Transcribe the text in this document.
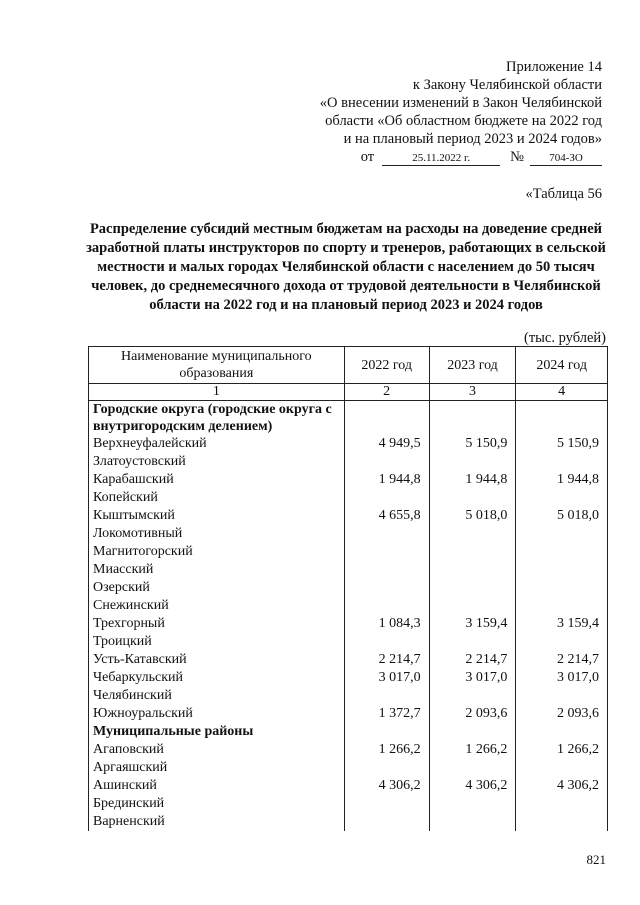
Приложение 14
к Закону Челябинской области
«О внесении изменений в Закон Челябинской
области «Об областном бюджете на 2022 год
и на плановый период 2023 и 2024 годов»
от	25.11.2022 г.	№ 704-ЗО
«Таблица 56
Распределение субсидий местным бюджетам на расходы на доведение средней заработной платы инструкторов по спорту и тренеров, работающих в сельской местности и малых городах Челябинской области с населением до 50 тысяч человек, до среднемесячного дохода от трудовой деятельности в Челябинской области на 2022 год и на плановый период 2023 и 2024 годов
(тыс. рублей)
Наименование муниципального образования	2022 год	2023 год	2024 год
1	2	3	4
Городские округа (городские округа с внутригородским делением)			
Верхнеуфалейский	4 949,5	5 150,9	5 150,9
Златоустовский			
Карабашский	1 944,8	1 944,8	1 944,8
Копейский			
Кыштымский	4 655,8	5 018,0	5 018,0
Локомотивный			
Магнитогорский			
Миасский			
Озерский			
Снежинский			
Трехгорный	1 084,3	3 159,4	3 159,4
Троицкий			
Усть-Катавский	2 214,7	2 214,7	2 214,7
Чебаркульский	3 017,0	3 017,0	3 017,0
Челябинский			
Южноуральский	1 372,7	2 093,6	2 093,6
Муниципальные районы			
Агаповский	1 266,2	1 266,2	1 266,2
Аргаяшский			
Ашинский	4 306,2	4 306,2	4 306,2
Брединский			
Варненский			
821
